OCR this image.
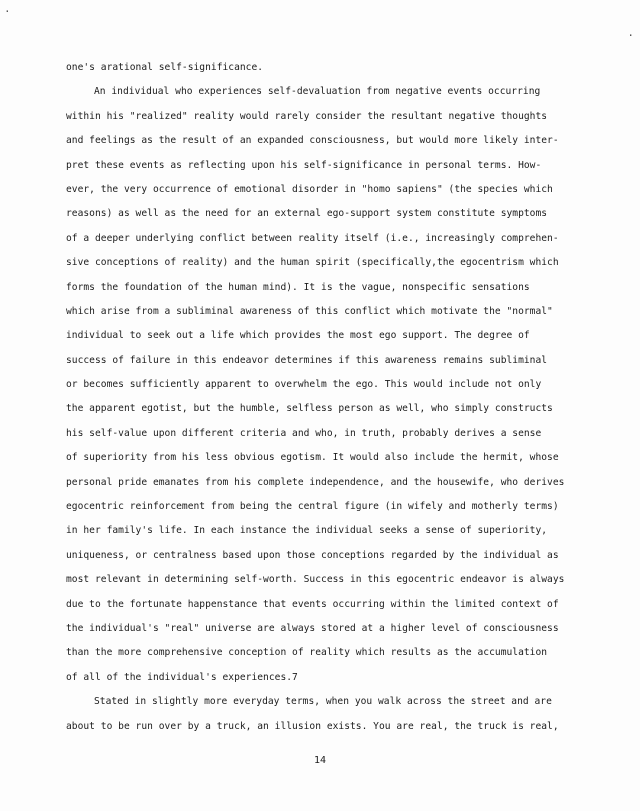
·
·
one's arational self-significance.
An individual who experiences self-devaluation from negative events occurring
within his "realized" reality would rarely consider the resultant negative thoughts
and feelings as the result of an expanded consciousness, but would more likely inter-
pret these events as reflecting upon his self-significance in personal terms. How-
ever, the very occurrence of emotional disorder in "homo sapiens" (the species which
reasons) as well as the need for an external ego-support system constitute symptoms
of a deeper underlying conflict between reality itself (i.e., increasingly comprehen-
sive conceptions of reality) and the human spirit (specifically,the egocentrism which
forms the foundation of the human mind). It is the vague, nonspecific sensations
which arise from a subliminal awareness of this conflict which motivate the "normal"
individual to seek out a life which provides the most ego support. The degree of
success of failure in this endeavor determines if this awareness remains subliminal
or becomes sufficiently apparent to overwhelm the ego. This would include not only
the apparent egotist, but the humble, selfless person as well, who simply constructs
his self-value upon different criteria and who, in truth, probably derives a sense
of superiority from his less obvious egotism. It would also include the hermit, whose
personal pride emanates from his complete independence, and the housewife, who derives
egocentric reinforcement from being the central figure (in wifely and motherly terms)
in her family's life. In each instance the individual seeks a sense of superiority,
uniqueness, or centralness based upon those conceptions regarded by the individual as
most relevant in determining self-worth. Success in this egocentric endeavor is always
due to the fortunate happenstance that events occurring within the limited context of
the individual's "real" universe are always stored at a higher level of consciousness
than the more comprehensive conception of reality which results as the accumulation
of all of the individual's experiences.7
Stated in slightly more everyday terms, when you walk across the street and are
about to be run over by a truck, an illusion exists. You are real, the truck is real,
14
